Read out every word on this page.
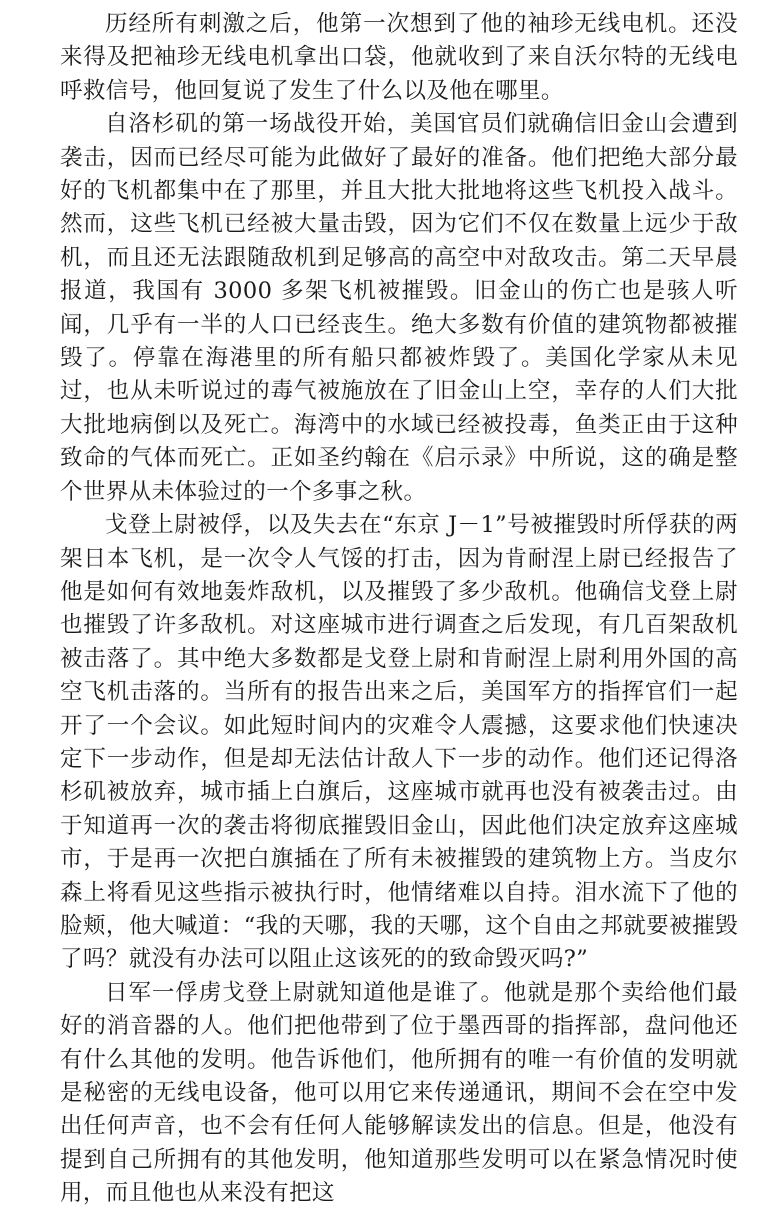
历经所有刺激之后，他第一次想到了他的袖珍无线电机。还没来得及把袖珍无线电机拿出口袋，他就收到了来自沃尔特的无线电呼救信号，他回复说了发生了什么以及他在哪里。

自洛杉矶的第一场战役开始，美国官员们就确信旧金山会遭到袭击，因而已经尽可能为此做好了最好的准备。他们把绝大部分最好的飞机都集中在了那里，并且大批大批地将这些飞机投入战斗。然而，这些飞机已经被大量击毁，因为它们不仅在数量上远少于敌机，而且还无法跟随敌机到足够高的高空中对敌攻击。第二天早晨报道，我国有 3000 多架飞机被摧毁。旧金山的伤亡也是骇人听闻，几乎有一半的人口已经丧生。绝大多数有价值的建筑物都被摧毁了。停靠在海港里的所有船只都被炸毁了。美国化学家从未见过，也从未听说过的毒气被施放在了旧金山上空，幸存的人们大批大批地病倒以及死亡。海湾中的水域已经被投毒，鱼类正由于这种致命的气体而死亡。正如圣约翰在《启示录》中所说，这的确是整个世界从未体验过的一个多事之秋。

戈登上尉被俘，以及失去在“东京 J－1”号被摧毁时所俘获的两架日本飞机，是一次令人气馁的打击，因为肯耐涅上尉已经报告了他是如何有效地轰炸敌机，以及摧毁了多少敌机。他确信戈登上尉也摧毁了许多敌机。对这座城市进行调查之后发现，有几百架敌机被击落了。其中绝大多数都是戈登上尉和肯耐涅上尉利用外国的高空飞机击落的。当所有的报告出来之后，美国军方的指挥官们一起开了一个会议。如此短时间内的灾难令人震撼，这要求他们快速决定下一步动作，但是却无法估计敌人下一步的动作。他们还记得洛杉矶被放弃，城市插上白旗后，这座城市就再也没有被袭击过。由于知道再一次的袭击将彻底摧毁旧金山，因此他们决定放弃这座城市，于是再一次把白旗插在了所有未被摧毁的建筑物上方。当皮尔森上将看见这些指示被执行时，他情绪难以自持。泪水流下了他的脸颊，他大喊道：“我的天哪，我的天哪，这个自由之邦就要被摧毁了吗？就没有办法可以阻止这该死的的致命毁灭吗?”

日军一俘虏戈登上尉就知道他是谁了。他就是那个卖给他们最好的消音器的人。他们把他带到了位于墨西哥的指挥部，盘问他还有什么其他的发明。他告诉他们，他所拥有的唯一有价值的发明就是秘密的无线电设备，他可以用它来传递通讯，期间不会在空中发出任何声音，也不会有任何人能够解读发出的信息。但是，他没有提到自己所拥有的其他发明，他知道那些发明可以在紧急情况时使用，而且他也从来没有把这
